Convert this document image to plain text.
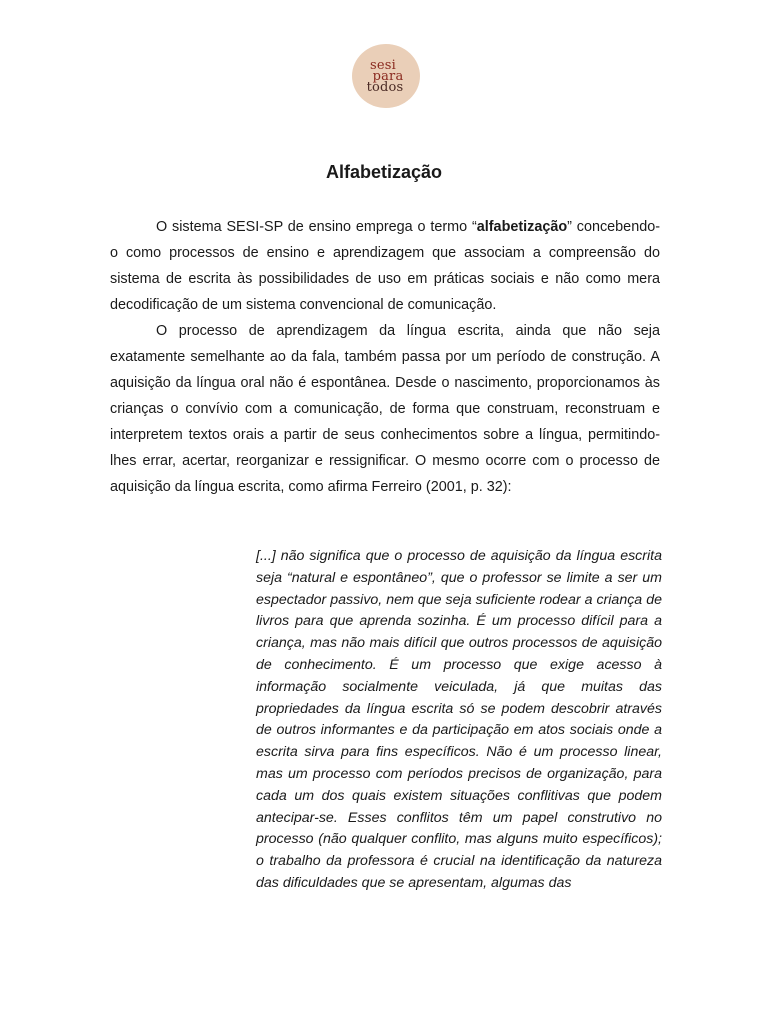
sesi
para
todos
Alfabetização

O sistema SESI-SP de ensino emprega o termo “alfabetização” concebendo-o como processos de ensino e aprendizagem que associam a compreensão do sistema de escrita às possibilidades de uso em práticas sociais e não como mera decodificação de um sistema convencional de comunicação.

O processo de aprendizagem da língua escrita, ainda que não seja exatamente semelhante ao da fala, também passa por um período de construção. A aquisição da língua oral não é espontânea. Desde o nascimento, proporcionamos às crianças o convívio com a comunicação, de forma que construam, reconstruam e interpretem textos orais a partir de seus conhecimentos sobre a língua, permitindo-lhes errar, acertar, reorganizar e ressignificar. O mesmo ocorre com o processo de aquisição da língua escrita, como afirma Ferreiro (2001, p. 32):

[...] não significa que o processo de aquisição da língua escrita seja “natural e espontâneo”, que o professor se limite a ser um espectador passivo, nem que seja suficiente rodear a criança de livros para que aprenda sozinha. É um processo difícil para a criança, mas não mais difícil que outros processos de aquisição de conhecimento. É um processo que exige acesso à informação socialmente veiculada, já que muitas das propriedades da língua escrita só se podem descobrir através de outros informantes e da participação em atos sociais onde a escrita sirva para fins específicos. Não é um processo linear, mas um processo com períodos precisos de organização, para cada um dos quais existem situações conflitivas que podem antecipar-se. Esses conflitos têm um papel construtivo no processo (não qualquer conflito, mas alguns muito específicos); o trabalho da professora é crucial na identificação da natureza das dificuldades que se apresentam, algumas das
